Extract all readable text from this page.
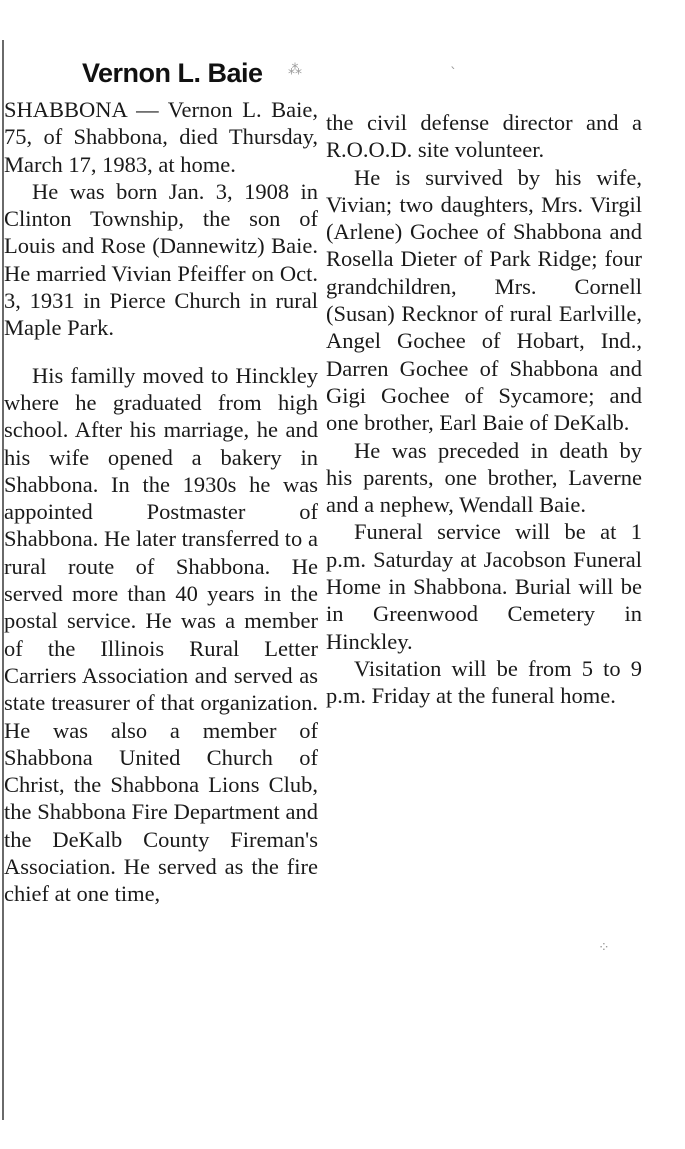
Vernon L. Baie ⁂	`
⁘

SHABBONA — Vernon L. Baie, 75, of Shabbona, died Thursday, March 17, 1983, at home.

He was born Jan. 3, 1908 in Clinton Township, the son of Louis and Rose (Dannewitz) Baie. He married Vivian Pfeiffer on Oct. 3, 1931 in Pierce Church in rural Maple Park.

His familly moved to Hinckley where he graduated from high school. After his marriage, he and his wife opened a bakery in Shabbona. In the 1930s he was appointed Postmaster of Shabbona. He later transferred to a rural route of Shabbona. He served more than 40 years in the postal service. He was a member of the Illinois Rural Letter Carriers Association and served as state treasurer of that organization. He was also a member of Shabbona United Church of Christ, the Shabbona Lions Club, the Shabbona Fire Department and the DeKalb County Fireman's Association. He served as the fire chief at one time,

the civil defense director and a R.O.O.D. site volunteer.

He is survived by his wife, Vivian; two daughters, Mrs. Virgil (Arlene) Gochee of Shabbona and Rosella Dieter of Park Ridge; four grandchildren, Mrs. Cornell (Susan) Recknor of rural Earlville, Angel Gochee of Hobart, Ind., Darren Gochee of Shabbona and Gigi Gochee of Sycamore; and one brother, Earl Baie of DeKalb.

He was preceded in death by his parents, one brother, Laverne and a nephew, Wendall Baie.

Funeral service will be at 1 p.m. Saturday at Jacobson Funeral Home in Shabbona. Burial will be in Greenwood Cemetery in Hinckley.

Visitation will be from 5 to 9 p.m. Friday at the funeral home.
